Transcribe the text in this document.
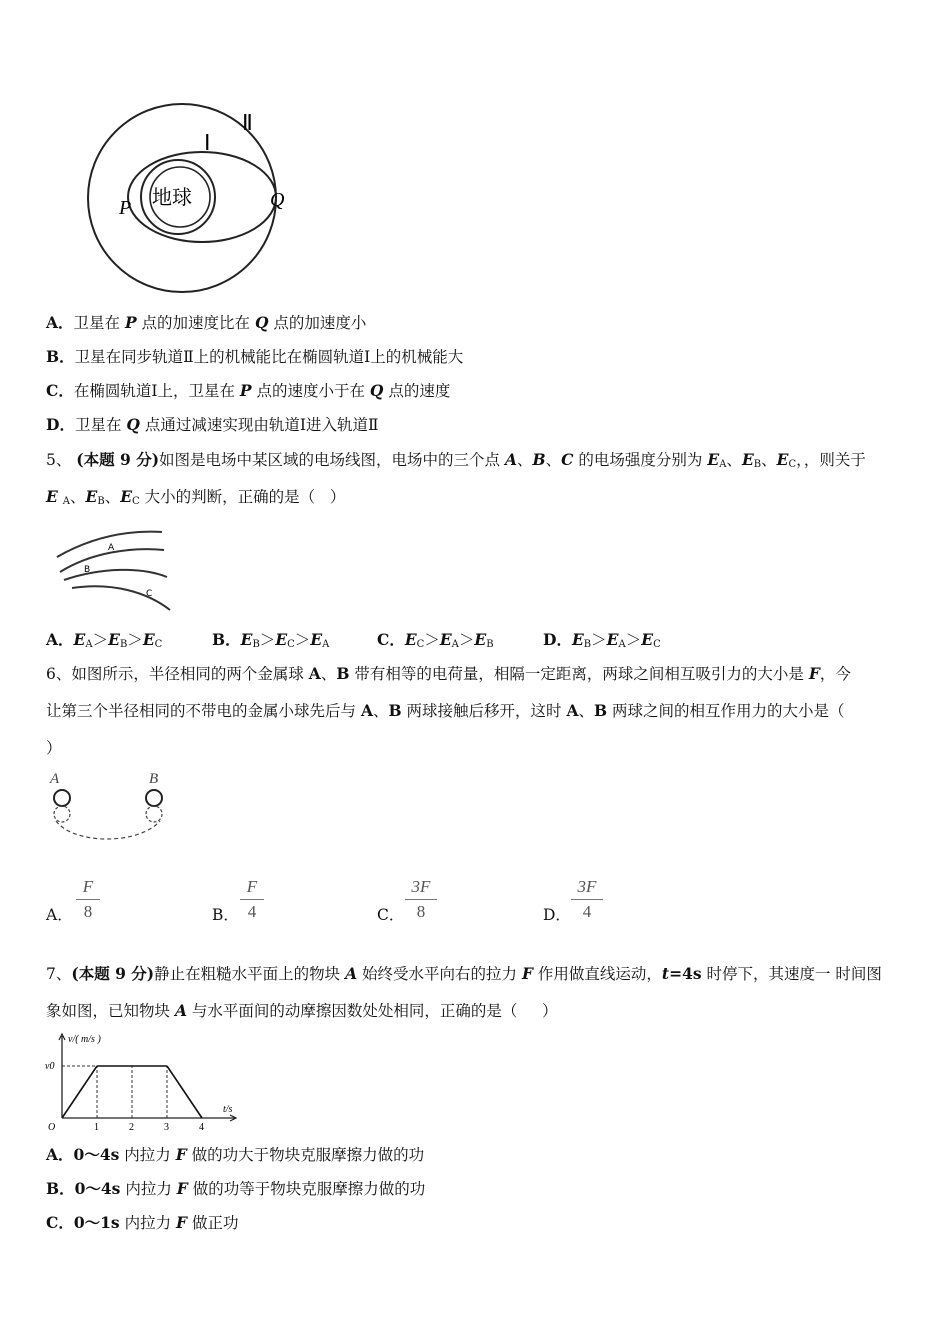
Ⅱ
Ⅰ
P	Q
地球
A．卫星在 P 点的加速度比在 Q 点的加速度小
B．卫星在同步轨道Ⅱ上的机械能比在椭圆轨道Ⅰ上的机械能大
C．在椭圆轨道Ⅰ上，卫星在 P 点的速度小于在 Q 点的速度
D．卫星在 Q 点通过减速实现由轨道Ⅰ进入轨道Ⅱ
5、 (本题 9 分)如图是电场中某区域的电场线图，电场中的三个点 A、B、C 的电场强度分别为 $E_A$、$E_B$、$E_C$，，则关于
E $_A$、$E_B$、$E_C$ 大小的判断，正确的是（   ）
A
B
C
A．$E_A>E_B>E_C$	B．$E_B>E_C>E_A$	C．$E_C>E_A>E_B$	D．$E_B>E_A>E_C$
6、如图所示，半径相同的两个金属球 A、B 带有相等的电荷量，相隔一定距离，两球之间相互吸引力的大小是 F，今
让第三个半径相同的不带电的金属小球先后与 A、B 两球接触后移开，这时 A、B 两球之间的相互作用力的大小是（
）
A	B
A． $\frac{F}{8}$	B． $\frac{F}{4}$	C． $\frac{3F}{8}$	D． $\frac{3F}{4}$
7、(本题 9 分)静止在粗糙水平面上的物块 A 始终受水平向右的拉力 F 作用做直线运动，t=4s 时停下，其速度一 时间图
象如图，已知物块 A 与水平面间的动摩擦因数处处相同，正确的是（     ）
v/( m/s )
t/s
v0
O	1	2	3	4
A．0～4s 内拉力 F 做的功大于物块克服摩擦力做的功
B．0～4s 内拉力 F 做的功等于物块克服摩擦力做的功
C．0～1s 内拉力 F 做正功
